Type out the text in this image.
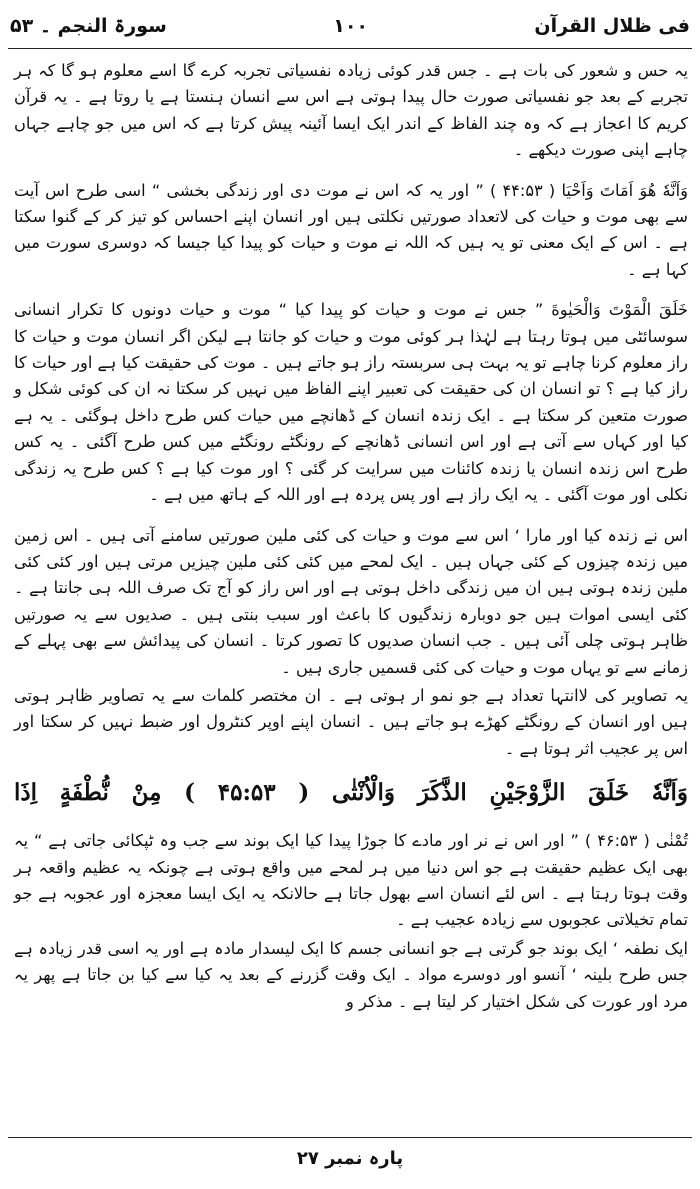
سورۃ النجم ۔ ۵۳	۱۰۰	فی ظلال القرآن

یہ حس و شعور کی بات ہے ۔ جس قدر کوئی زیادہ نفسیاتی تجربہ کرے گا اسے معلوم ہو گا کہ ہر تجربے کے بعد جو نفسیاتی صورت حال پیدا ہوتی ہے اس سے انسان ہنستا ہے یا روتا ہے ۔ یہ قرآن کریم کا اعجاز ہے کہ وہ چند الفاظ کے اندر ایک ایسا آئینہ پیش کرتا ہے کہ اس میں جو چاہے جہاں چاہے اپنی صورت دیکھے ۔

وَاَنَّهٗ هُوَ اَمَاتَ وَاَحْيَا ( ۴۴:۵۳ ) ” اور یہ کہ اس نے موت دی اور زندگی بخشی “ اسی طرح اس آیت سے بھی موت و حیات کی لاتعداد صورتیں نکلتی ہیں اور انسان اپنے احساس کو تیز کر کے گنوا سکتا ہے ۔ اس کے ایک معنی تو یہ ہیں کہ اللہ نے موت و حیات کو پیدا کیا جیسا کہ دوسری سورت میں کہا ہے ۔

خَلَقَ الْمَوْتَ وَالْحَيٰوةَ ” جس نے موت و حیات کو پیدا کیا “ موت و حیات دونوں کا تکرار انسانی سوسائٹی میں ہوتا رہتا ہے لہٰذا ہر کوئی موت و حیات کو جانتا ہے لیکن اگر انسان موت و حیات کا راز معلوم کرنا چاہے تو یہ بہت ہی سربستہ راز ہو جاتے ہیں ۔ موت کی حقیقت کیا ہے اور حیات کا راز کیا ہے ؟ تو انسان ان کی حقیقت کی تعبیر اپنے الفاظ میں نہیں کر سکتا نہ ان کی کوئی شکل و صورت متعین کر سکتا ہے ۔ ایک زندہ انسان کے ڈھانچے میں حیات کس طرح داخل ہوگئی ۔ یہ ہے کیا اور کہاں سے آتی ہے اور اس انسانی ڈھانچے کے رونگٹے رونگٹے میں کس طرح آگئی ۔ یہ کس طرح اس زندہ انسان یا زندہ کائنات میں سرایت کر گئی ؟ اور موت کیا ہے ؟ کس طرح یہ زندگی نکلی اور موت آگئی ۔ یہ ایک راز ہے اور پس پردہ ہے اور اللہ کے ہاتھ میں ہے ۔

اس نے زندہ کیا اور مارا ‘ اس سے موت و حیات کی کئی ملین صورتیں سامنے آتی ہیں ۔ اس زمین میں زندہ چیزوں کے کئی جہاں ہیں ۔ ایک لمحے میں کئی کئی ملین چیزیں مرتی ہیں اور کئی کئی ملین زندہ ہوتی ہیں ان میں زندگی داخل ہوتی ہے اور اس راز کو آج تک صرف اللہ ہی جانتا ہے ۔ کئی ایسی اموات ہیں جو دوبارہ زندگیوں کا باعث اور سبب بنتی ہیں ۔ صدیوں سے یہ صورتیں ظاہر ہوتی چلی آئی ہیں ۔ جب انسان صدیوں کا تصور کرتا ۔ انسان کی پیدائش سے بھی پہلے کے زمانے سے تو یہاں موت و حیات کی کئی قسمیں جاری ہیں ۔

یہ تصاویر کی لاانتہا تعداد ہے جو نمو ار ہوتی ہے ۔ ان مختصر کلمات سے یہ تصاویر ظاہر ہوتی ہیں اور انسان کے رونگٹے کھڑے ہو جاتے ہیں ۔ انسان اپنے اوپر کنٹرول اور ضبط نہیں کر سکتا اور اس پر عجیب اثر ہوتا ہے ۔

وَاَنَّهٗ خَلَقَ الزَّوْجَيْنِ الذَّكَرَ وَالْاُنْثٰى ( ۴۵:۵۳ ) مِنْ نُّطْفَةٍ اِذَا

تُمْنٰى ( ۴۶:۵۳ ) ” اور اس نے نر اور مادے کا جوڑا پیدا کیا ایک بوند سے جب وہ ٹپکائی جاتی ہے “ یہ بھی ایک عظیم حقیقت ہے جو اس دنیا میں ہر لمحے میں واقع ہوتی ہے چونکہ یہ عظیم واقعہ ہر وقت ہوتا رہتا ہے ۔ اس لئے انسان اسے بھول جاتا ہے حالانکہ یہ ایک ایسا معجزہ اور عجوبہ ہے جو تمام تخیلاتی عجوبوں سے زیادہ عجیب ہے ۔

ایک نطفہ ‘ ایک بوند جو گرتی ہے جو انسانی جسم کا ایک لیسدار مادہ ہے اور یہ اسی قدر زیادہ ہے جس طرح بلینہ ‘ آنسو اور دوسرے مواد ۔ ایک وقت گزرنے کے بعد یہ کیا سے کیا بن جاتا ہے پھر یہ مرد اور عورت کی شکل اختیار کر لیتا ہے ۔ مذکر و

پارہ نمبر ۲۷
